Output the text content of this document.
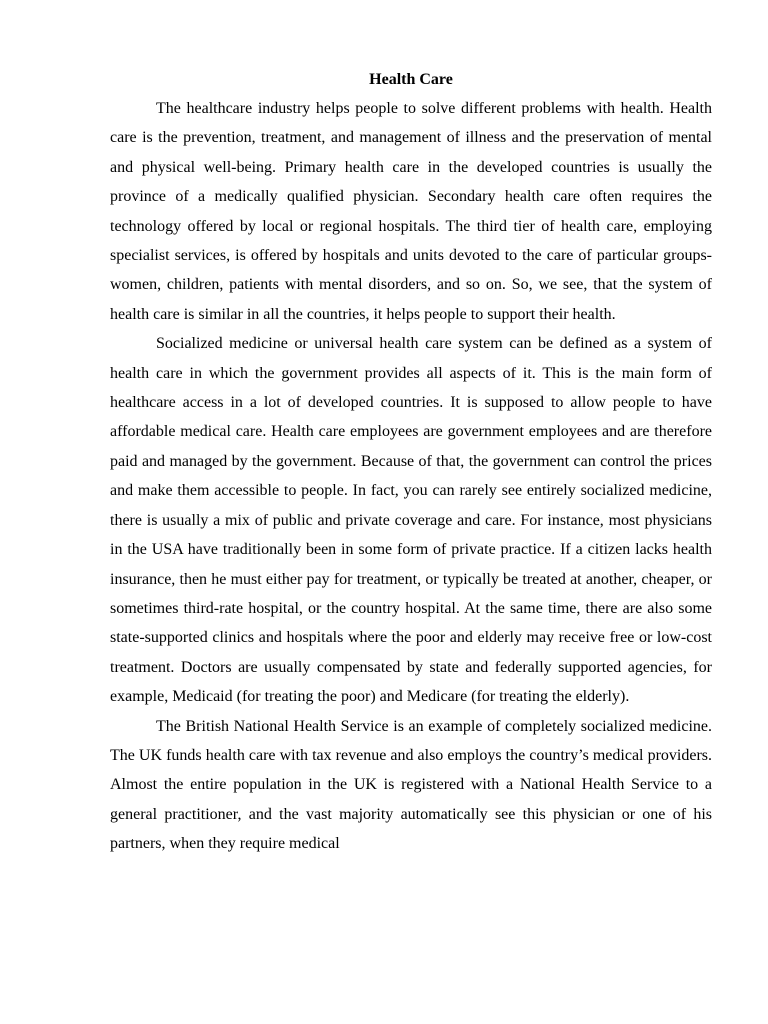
Health Care

The healthcare industry helps people to solve different problems with health. Health care is the prevention, treatment, and management of illness and the preservation of mental and physical well-being. Primary health care in the developed countries is usually the province of a medically qualified physician. Secondary health care often requires the technology offered by local or regional hospitals. The third tier of health care, employing specialist services, is offered by hospitals and units devoted to the care of particular groups-women, children, patients with mental disorders, and so on. So, we see, that the system of health care is similar in all the countries, it helps people to support their health.

Socialized medicine or universal health care system can be defined as a system of health care in which the government provides all aspects of it. This is the main form of healthcare access in a lot of developed countries. It is supposed to allow people to have affordable medical care. Health care employees are government employees and are therefore paid and managed by the government. Because of that, the government can control the prices and make them accessible to people. In fact, you can rarely see entirely socialized medicine, there is usually a mix of public and private coverage and care. For instance, most physicians in the USA have traditionally been in some form of private practice. If a citizen lacks health insurance, then he must either pay for treatment, or typically be treated at another, cheaper, or sometimes third-rate hospital, or the country hospital. At the same time, there are also some state-supported clinics and hospitals where the poor and elderly may receive free or low-cost treatment. Doctors are usually compensated by state and federally supported agencies, for example, Medicaid (for treating the poor) and Medicare (for treating the elderly).

The British National Health Service is an example of completely socialized medicine. The UK funds health care with tax revenue and also employs the country’s medical providers. Almost the entire population in the UK is registered with a National Health Service to a general practitioner, and the vast majority automatically see this physician or one of his partners, when they require medical
